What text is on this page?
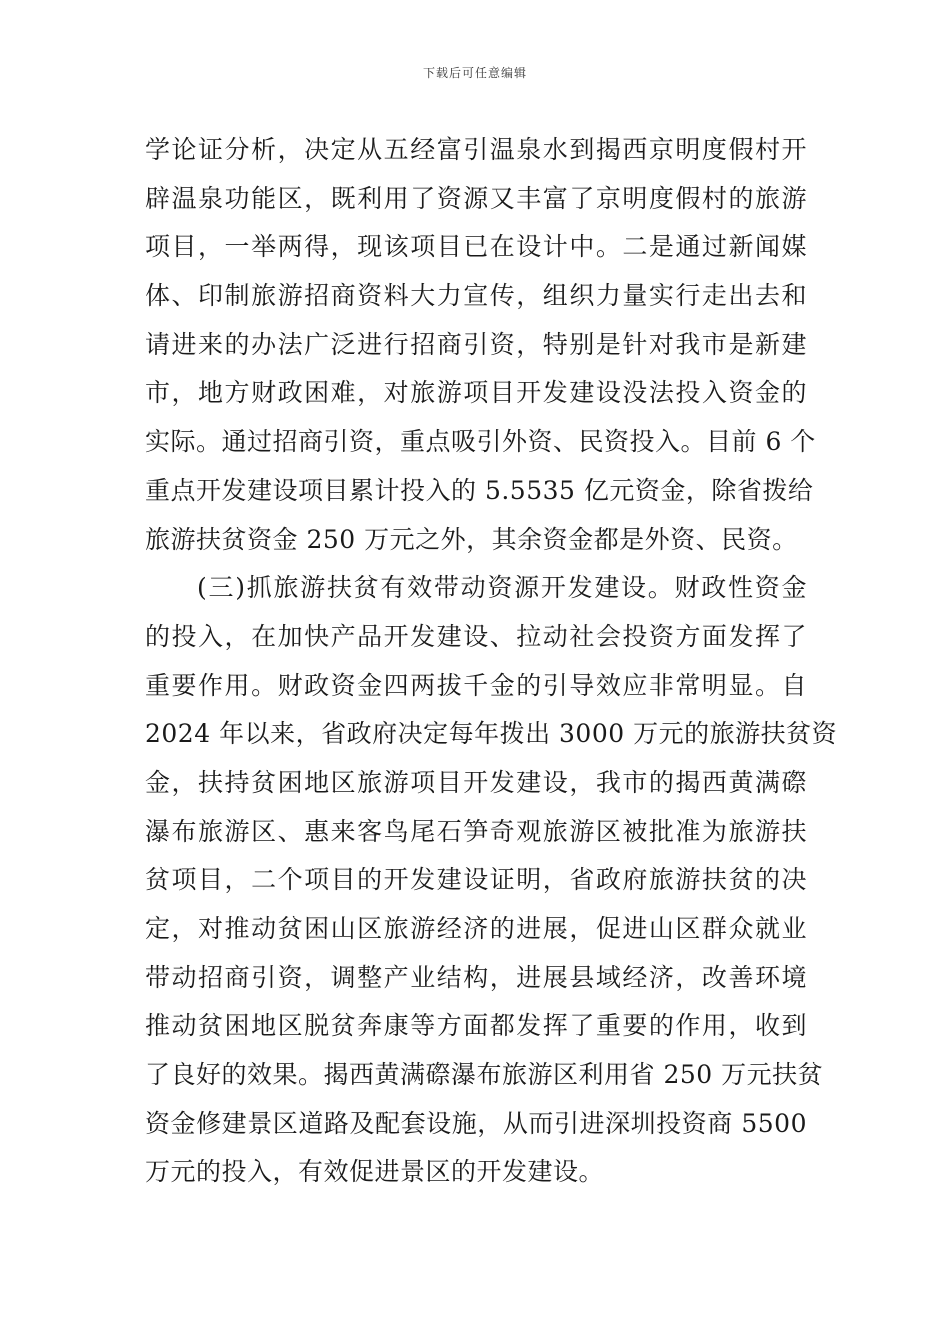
下载后可任意编辑
学论证分析，决定从五经富引温泉水到揭西京明度假村开
辟温泉功能区，既利用了资源又丰富了京明度假村的旅游
项目，一举两得，现该项目已在设计中。二是通过新闻媒
体、印制旅游招商资料大力宣传，组织力量实行走出去和
请进来的办法广泛进行招商引资，特别是针对我市是新建
市，地方财政困难，对旅游项目开发建设没法投入资金的
实际。通过招商引资，重点吸引外资、民资投入。目前 6 个
重点开发建设项目累计投入的 5.5535 亿元资金，除省拨给
旅游扶贫资金 250 万元之外，其余资金都是外资、民资。
(三)抓旅游扶贫有效带动资源开发建设。财政性资金
的投入，在加快产品开发建设、拉动社会投资方面发挥了
重要作用。财政资金四两拔千金的引导效应非常明显。自
2024 年以来，省政府决定每年拨出 3000 万元的旅游扶贫资
金，扶持贫困地区旅游项目开发建设，我市的揭西黄满磜
瀑布旅游区、惠来客鸟尾石笋奇观旅游区被批准为旅游扶
贫项目，二个项目的开发建设证明，省政府旅游扶贫的决
定，对推动贫困山区旅游经济的进展，促进山区群众就业
带动招商引资，调整产业结构，进展县域经济，改善环境
推动贫困地区脱贫奔康等方面都发挥了重要的作用，收到
了良好的效果。揭西黄满磜瀑布旅游区利用省 250 万元扶贫
资金修建景区道路及配套设施，从而引进深圳投资商 5500
万元的投入，有效促进景区的开发建设。
